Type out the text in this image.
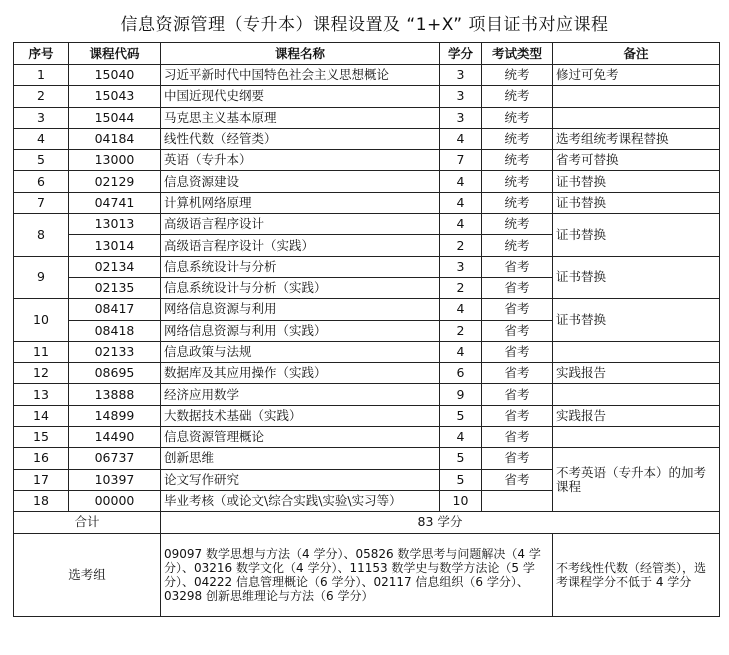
信息资源管理（专升本）课程设置及 “1+X” 项目证书对应课程
序号	课程代码	课程名称	学分	考试类型	备注
1	15040	习近平新时代中国特色社会主义思想概论	3	统考	修过可免考
2	15043	中国近现代史纲要	3	统考	
3	15044	马克思主义基本原理	3	统考	
4	04184	线性代数（经管类）	4	统考	选考组统考课程替换
5	13000	英语（专升本）	7	统考	省考可替换
6	02129	信息资源建设	4	统考	证书替换
7	04741	计算机网络原理	4	统考	证书替换
8	13013	高级语言程序设计	4	统考	证书替换
	13014	高级语言程序设计（实践）	2	统考	
9	02134	信息系统设计与分析	3	省考	证书替换
	02135	信息系统设计与分析（实践）	2	省考	
10	08417	网络信息资源与利用	4	省考	证书替换
	08418	网络信息资源与利用（实践）	2	省考	
11	02133	信息政策与法规	4	省考	
12	08695	数据库及其应用操作（实践）	6	省考	实践报告
13	13888	经济应用数学	9	省考	
14	14899	大数据技术基础（实践）	5	省考	实践报告
15	14490	信息资源管理概论	4	省考	
16	06737	创新思维	5	省考	不考英语（专升本）的加考课程
17	10397	论文写作研究	5	省考	
18	00000	毕业考核（或论文\综合实践\实验\实习等）	10		
合计		83 学分			
选考组		09097 数学思想与方法（4 学分）、05826 数学思考与问题解决（4 学分）、03216 数学文化（4 学分）、11153 数学史与数学方法论（5 学分）、04222 信息管理概论（6 学分）、02117 信息组织（6 学分）、03298 创新思维理论与方法（6 学分）			不考线性代数（经管类），选考课程学分不低于 4 学分
